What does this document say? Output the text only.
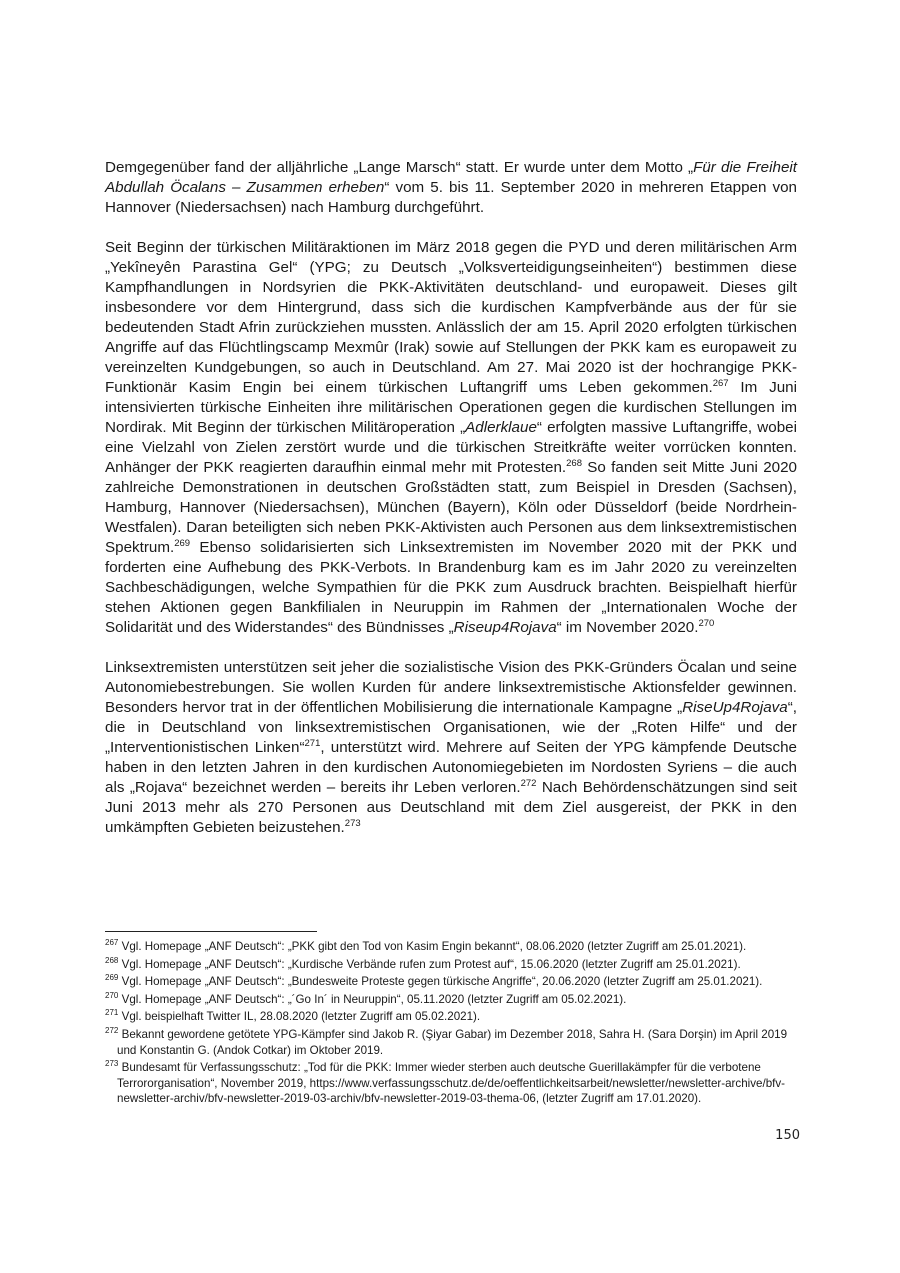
Demgegenüber fand der alljährliche „Lange Marsch“ statt. Er wurde unter dem Motto „Für die Freiheit Abdullah Öcalans – Zusammen erheben“ vom 5. bis 11. September 2020 in mehreren Etappen von Hannover (Niedersachsen) nach Hamburg durchgeführt.

Seit Beginn der türkischen Militäraktionen im März 2018 gegen die PYD und deren militärischen Arm „Yekîneyên Parastina Gel“ (YPG; zu Deutsch „Volksverteidigungseinheiten“) bestimmen diese Kampfhandlungen in Nordsyrien die PKK-Aktivitäten deutschland- und europaweit. Dieses gilt insbesondere vor dem Hintergrund, dass sich die kurdischen Kampfverbände aus der für sie bedeutenden Stadt Afrin zurückziehen mussten. Anlässlich der am 15. April 2020 erfolgten türkischen Angriffe auf das Flüchtlingscamp Mexmûr (Irak) sowie auf Stellungen der PKK kam es europaweit zu vereinzelten Kundgebungen, so auch in Deutschland. Am 27. Mai 2020 ist der hochrangige PKK-Funktionär Kasim Engin bei einem türkischen Luftangriff ums Leben gekommen.$^{267}$ Im Juni intensivierten türkische Einheiten ihre militärischen Operationen gegen die kurdischen Stellungen im Nordirak. Mit Beginn der türkischen Militäroperation „Adlerklaue“ erfolgten massive Luftangriffe, wobei eine Vielzahl von Zielen zerstört wurde und die türkischen Streitkräfte weiter vorrücken konnten. Anhänger der PKK reagierten daraufhin einmal mehr mit Protesten.$^{268}$ So fanden seit Mitte Juni 2020 zahlreiche Demonstrationen in deutschen Großstädten statt, zum Beispiel in Dresden (Sachsen), Hamburg, Hannover (Niedersachsen), München (Bayern), Köln oder Düsseldorf (beide Nordrhein-Westfalen). Daran beteiligten sich neben PKK-Aktivisten auch Personen aus dem linksextremistischen Spektrum.$^{269}$ Ebenso solidarisierten sich Linksextremisten im November 2020 mit der PKK und forderten eine Aufhebung des PKK-Verbots. In Brandenburg kam es im Jahr 2020 zu vereinzelten Sachbeschädigungen, welche Sympathien für die PKK zum Ausdruck brachten. Beispielhaft hierfür stehen Aktionen gegen Bankfilialen in Neuruppin im Rahmen der „Internationalen Woche der Solidarität und des Widerstandes“ des Bündnisses „Riseup4Rojava“ im November 2020.$^{270}$

Linksextremisten unterstützen seit jeher die sozialistische Vision des PKK-Gründers Öcalan und seine Autonomiebestrebungen. Sie wollen Kurden für andere linksextremistische Aktionsfelder gewinnen. Besonders hervor trat in der öffentlichen Mobilisierung die internationale Kampagne „RiseUp4Rojava“, die in Deutschland von linksextremistischen Organisationen, wie der „Roten Hilfe“ und der „Interventionistischen Linken“$^{271}$, unterstützt wird. Mehrere auf Seiten der YPG kämpfende Deutsche haben in den letzten Jahren in den kurdischen Autonomiegebieten im Nordosten Syriens – die auch als „Rojava“ bezeichnet werden – bereits ihr Leben verloren.$^{272}$ Nach Behördenschätzungen sind seit Juni 2013 mehr als 270 Personen aus Deutschland mit dem Ziel ausgereist, der PKK in den umkämpften Gebieten beizustehen.$^{273}$

$^{267}$ Vgl. Homepage „ANF Deutsch“: „PKK gibt den Tod von Kasim Engin bekannt“, 08.06.2020 (letzter Zugriff am 25.01.2021).
$^{268}$ Vgl. Homepage „ANF Deutsch“: „Kurdische Verbände rufen zum Protest auf“, 15.06.2020 (letzter Zugriff am 25.01.2021).
$^{269}$ Vgl. Homepage „ANF Deutsch“: „Bundesweite Proteste gegen türkische Angriffe“, 20.06.2020 (letzter Zugriff am 25.01.2021).
$^{270}$ Vgl. Homepage „ANF Deutsch“: „´Go In´ in Neuruppin“, 05.11.2020 (letzter Zugriff am 05.02.2021).
$^{271}$ Vgl. beispielhaft Twitter IL, 28.08.2020 (letzter Zugriff am 05.02.2021).
$^{272}$ Bekannt gewordene getötete YPG-Kämpfer sind Jakob R. (Şiyar Gabar) im Dezember 2018, Sahra H. (Sara Dorşin) im April 2019 und Konstantin G. (Andok Cotkar) im Oktober 2019.
$^{273}$ Bundesamt für Verfassungsschutz: „Tod für die PKK: Immer wieder sterben auch deutsche Guerillakämpfer für die verbotene Terrororganisation“, November 2019, https://www.verfassungsschutz.de/de/oeffentlichkeitsarbeit/newsletter/newsletter-archive/bfv-newsletter-archiv/bfv-newsletter-2019-03-archiv/bfv-newsletter-2019-03-thema-06, (letzter Zugriff am 17.01.2020).
150
